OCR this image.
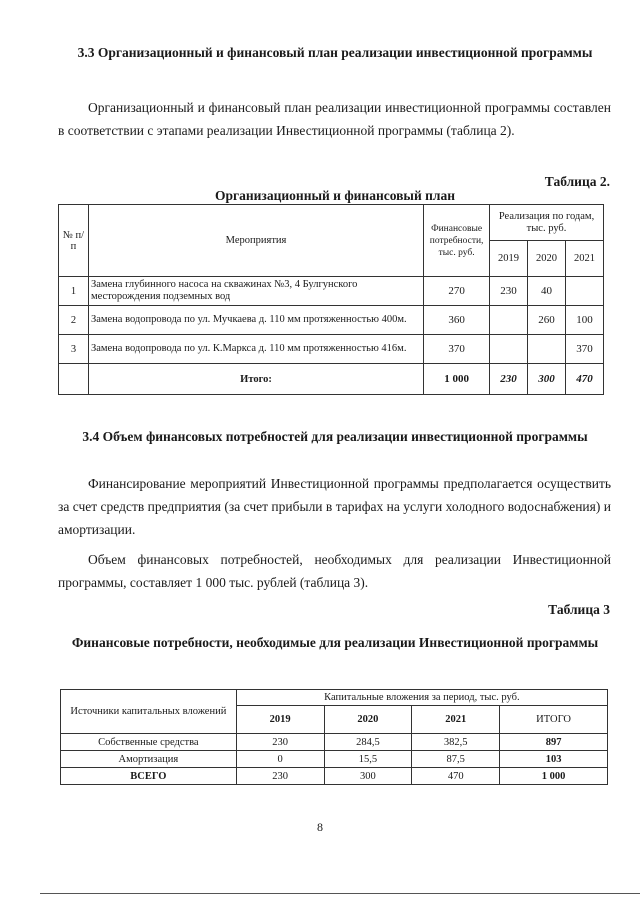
3.3 Организационный и финансовый план реализации инвестиционной программы
Организационный и финансовый план реализации инвестиционной программы составлен в соответствии с этапами реализации Инвестиционной программы (таблица 2).
Таблица 2.
Организационный и финансовый план
№ п/п	Мероприятия	Финансовые потребности, тыс. руб.	Реализация по годам, тыс. руб.		
			2019	2020	2021
1	Замена глубинного насоса на скважинах №3, 4 Булгунского месторождения подземных вод	270	230	40	
2	Замена водопровода по ул. Мучкаева д. 110 мм протяженностью 400м.	360		260	100
3	Замена водопровода по ул. К.Маркса д. 110 мм протяженностью 416м.	370			370
	Итого:	1 000	230	300	470
3.4 Объем финансовых потребностей для реализации инвестиционной программы
Финансирование мероприятий Инвестиционной программы предполагается осуществить за счет средств предприятия (за счет прибыли в тарифах на услуги холодного водоснабжения) и амортизации.
Объем финансовых потребностей, необходимых для реализации Инвестиционной программы, составляет 1 000 тыс. рублей (таблица 3).
Таблица 3
Финансовые потребности, необходимые для реализации Инвестиционной программы
Источники капитальных вложений	Капитальные вложения за период, тыс. руб.			
	2019	2020	2021	ИТОГО
Собственные средства	230	284,5	382,5	897
Амортизация	0	15,5	87,5	103
ВСЕГО	230	300	470	1 000
8
